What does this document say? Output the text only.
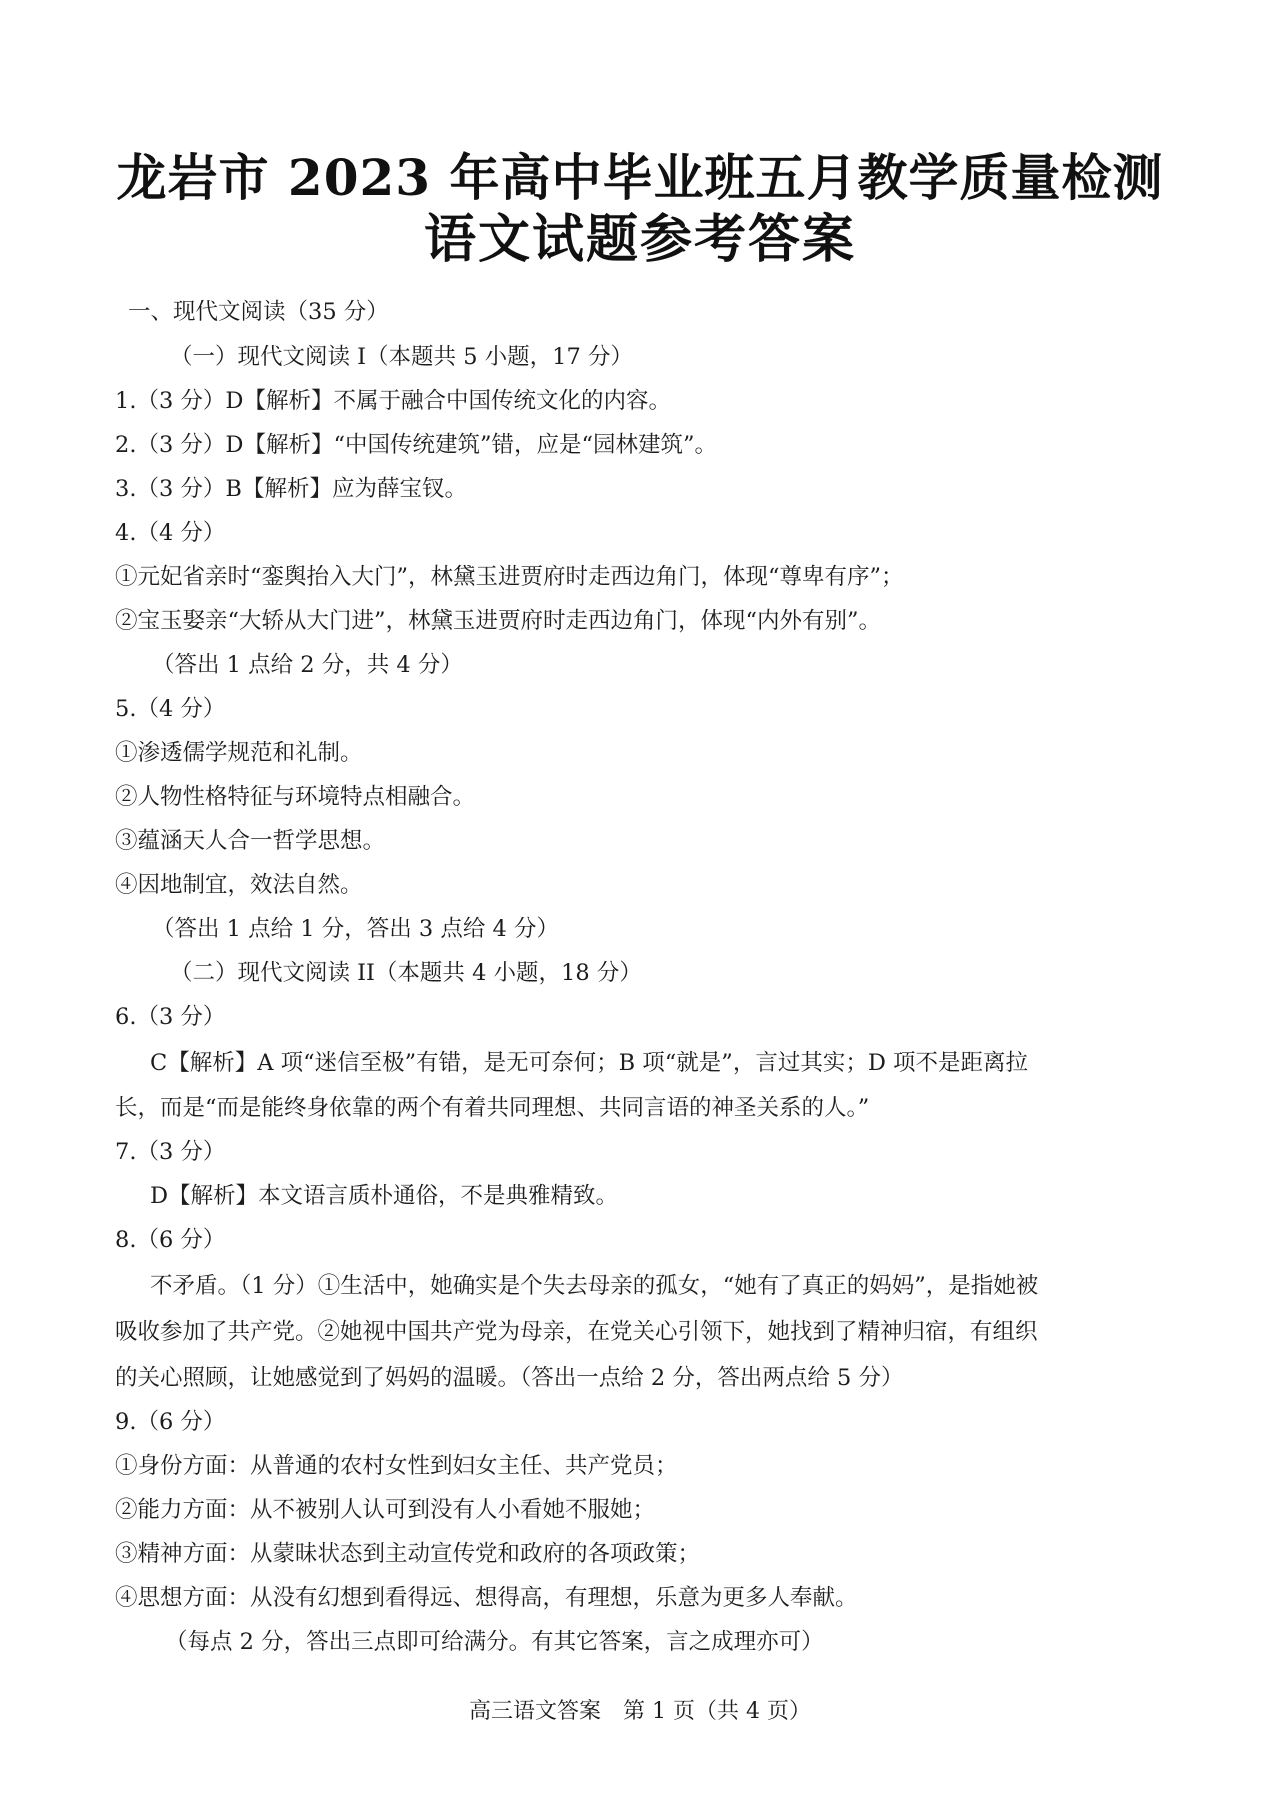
龙岩市 2023 年高中毕业班五月教学质量检测
语文试题参考答案
一、现代文阅读（35 分）
（一）现代文阅读 I（本题共 5 小题，17 分）
1.（3 分）D【解析】不属于融合中国传统文化的内容。
2.（3 分）D【解析】“中国传统建筑”错，应是“园林建筑”。
3.（3 分）B【解析】应为薛宝钗。
4.（4 分）
①元妃省亲时“銮舆抬入大门”，林黛玉进贾府时走西边角门，体现“尊卑有序”；
②宝玉娶亲“大轿从大门进”，林黛玉进贾府时走西边角门，体现“内外有别”。
（答出 1 点给 2 分，共 4 分）
5.（4 分）
①渗透儒学规范和礼制。
②人物性格特征与环境特点相融合。
③蕴涵天人合一哲学思想。
④因地制宜，效法自然。
（答出 1 点给 1 分，答出 3 点给 4 分）
（二）现代文阅读 II（本题共 4 小题，18 分）
6.（3 分）
C【解析】A 项“迷信至极”有错，是无可奈何；B 项“就是”，言过其实；D 项不是距离拉
长，而是“而是能终身依靠的两个有着共同理想、共同言语的神圣关系的人。”
7.（3 分）
D【解析】本文语言质朴通俗，不是典雅精致。
8.（6 分）
不矛盾。（1 分）①生活中，她确实是个失去母亲的孤女，“她有了真正的妈妈”，是指她被
吸收参加了共产党。②她视中国共产党为母亲，在党关心引领下，她找到了精神归宿，有组织
的关心照顾，让她感觉到了妈妈的温暖。（答出一点给 2 分，答出两点给 5 分）
9.（6 分）
①身份方面：从普通的农村女性到妇女主任、共产党员；
②能力方面：从不被别人认可到没有人小看她不服她；
③精神方面：从蒙昧状态到主动宣传党和政府的各项政策；
④思想方面：从没有幻想到看得远、想得高，有理想，乐意为更多人奉献。
（每点 2 分，答出三点即可给满分。有其它答案，言之成理亦可）
高三语文答案　第 1 页（共 4 页）
